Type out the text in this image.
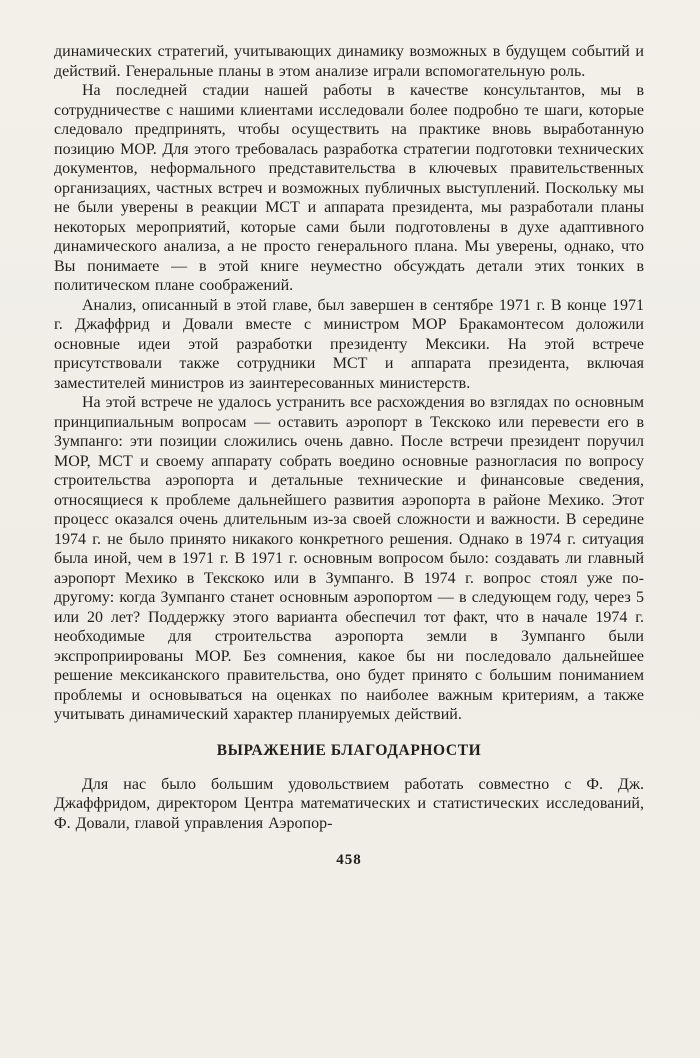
динамических стратегий, учитывающих динамику возможных в будущем событий и действий. Генеральные планы в этом анализе играли вспомогательную роль.

На последней стадии нашей работы в качестве консультантов, мы в сотрудничестве с нашими клиентами исследовали более подробно те шаги, которые следовало предпринять, чтобы осуществить на практике вновь выработанную позицию МОР. Для этого требовалась разработка стратегии подготовки технических документов, неформального представительства в ключевых правительственных организациях, частных встреч и возможных публичных выступлений. Поскольку мы не были уверены в реакции МСТ и аппарата президента, мы разработали планы некоторых мероприятий, которые сами были подготовлены в духе адаптивного динамического анализа, а не просто генерального плана. Мы уверены, однако, что Вы понимаете — в этой книге неуместно обсуждать детали этих тонких в политическом плане соображений.

Анализ, описанный в этой главе, был завершен в сентябре 1971 г. В конце 1971 г. Джаффрид и Довали вместе с министром МОР Бракамонтесом доложили основные идеи этой разработки президенту Мексики. На этой встрече присутствовали также сотрудники МСТ и аппарата президента, включая заместителей министров из заинтересованных министерств.

На этой встрече не удалось устранить все расхождения во взглядах по основным принципиальным вопросам — оставить аэропорт в Текскоко или перевести его в Зумпанго: эти позиции сложились очень давно. После встречи президент поручил МОР, МСТ и своему аппарату собрать воедино основные разногласия по вопросу строительства аэропорта и детальные технические и финансовые сведения, относящиеся к проблеме дальнейшего развития аэропорта в районе Мехико. Этот процесс оказался очень длительным из-за своей сложности и важности. В середине 1974 г. не было принято никакого конкретного решения. Однако в 1974 г. ситуация была иной, чем в 1971 г. В 1971 г. основным вопросом было: создавать ли главный аэропорт Мехико в Текскоко или в Зумпанго. В 1974 г. вопрос стоял уже по-другому: когда Зумпанго станет основным аэропортом — в следующем году, через 5 или 20 лет? Поддержку этого варианта обеспечил тот факт, что в начале 1974 г. необходимые для строительства аэропорта земли в Зумпанго были экспроприированы МОР. Без сомнения, какое бы ни последовало дальнейшее решение мексиканского правительства, оно будет принято с большим пониманием проблемы и основываться на оценках по наиболее важным критериям, а также учитывать динамический характер планируемых действий.

ВЫРАЖЕНИЕ БЛАГОДАРНОСТИ

Для нас было большим удовольствием работать совместно с Ф. Дж. Джаффридом, директором Центра математических и статистических исследований, Ф. Довали, главой управления Аэропор-

458
